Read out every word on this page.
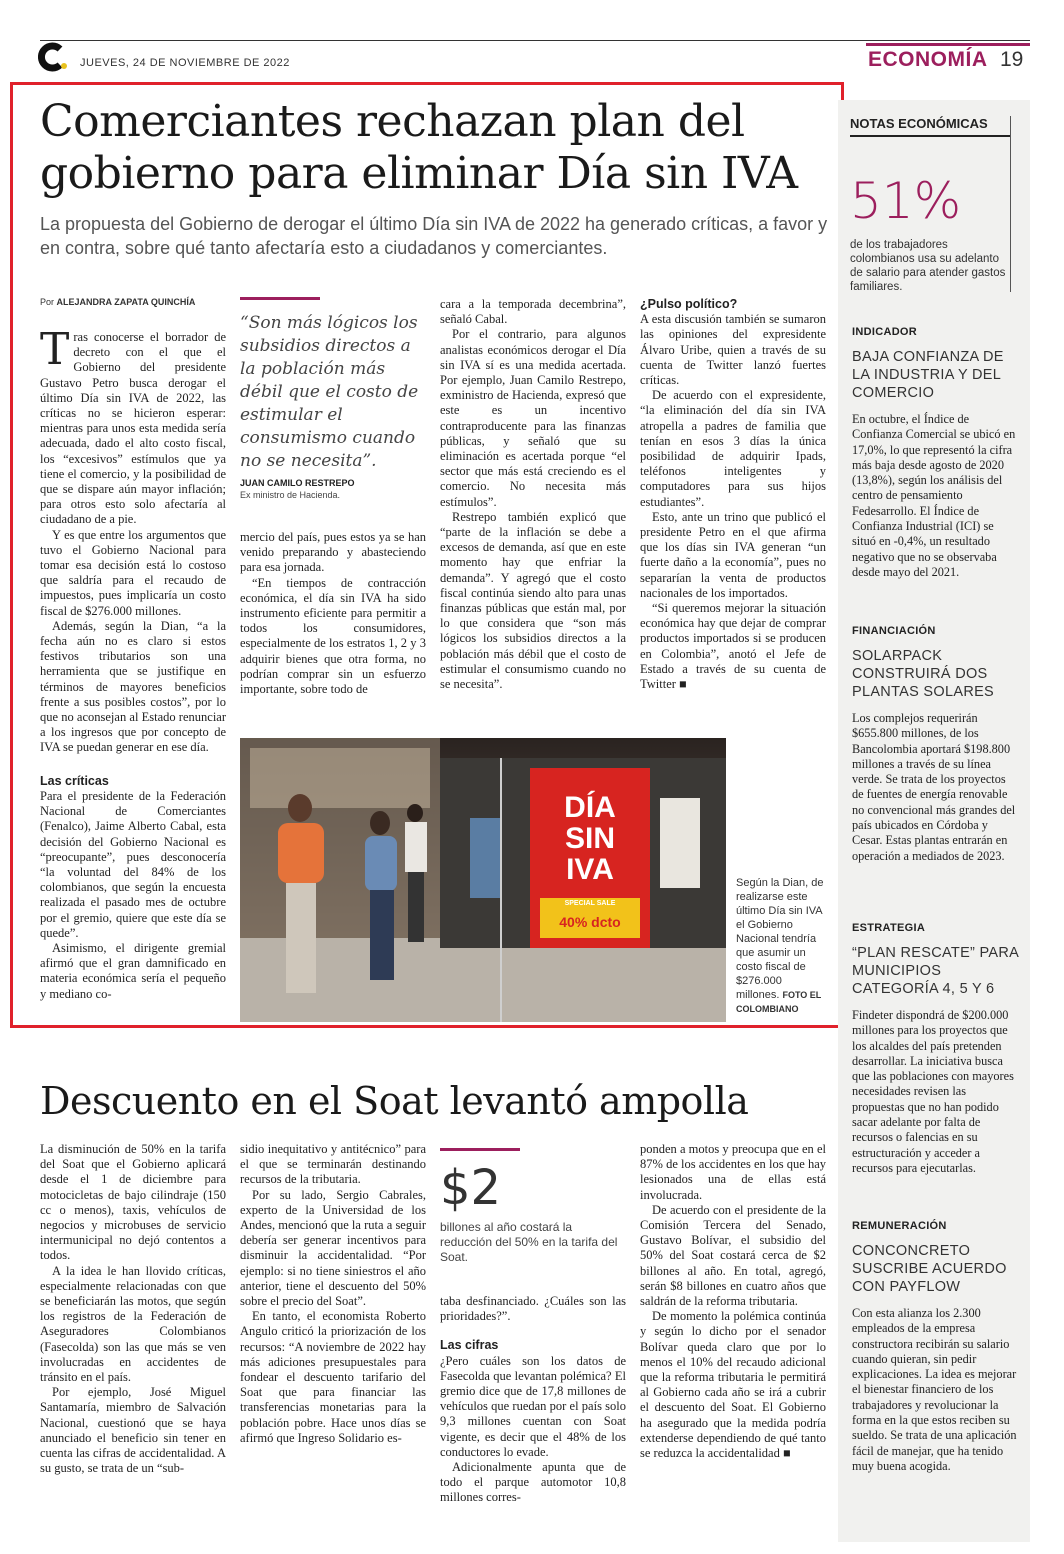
JUEVES, 24 DE NOVIEMBRE DE 2022	ECONOMÍA 19
Comerciantes rechazan plan del gobierno para eliminar Día sin IVA
La propuesta del Gobierno de derogar el último Día sin IVA de 2022 ha generado críticas, a favor y en contra, sobre qué tanto afectaría esto a ciudadanos y comerciantes.
Por ALEJANDRA ZAPATA QUINCHÍA

Tras conocerse el borrador de decreto con el que el Gobierno del presidente Gustavo Petro busca derogar el último Día sin IVA de 2022, las críticas no se hicieron esperar: mientras para unos esta medida sería adecuada, dado el alto costo fiscal, los “excesivos” estímulos que ya tiene el comercio, y la posibilidad de que se dispare aún mayor inflación; para otros esto solo afectaría al ciudadano de a pie.

Y es que entre los argumentos que tuvo el Gobierno Nacional para tomar esa decisión está lo costoso que saldría para el recaudo de impuestos, pues implicaría un costo fiscal de $276.000 millones.

Además, según la Dian, “a la fecha aún no es claro si estos festivos tributarios son una herramienta que se justifique en términos de mayores beneficios frente a sus posibles costos”, por lo que no aconsejan al Estado renunciar a los ingresos que por concepto de IVA se puedan generar en ese día.

Las críticas

Para el presidente de la Federación Nacional de Comerciantes (Fenalco), Jaime Alberto Cabal, esta decisión del Gobierno Nacional es “preocupante”, pues desconocería “la voluntad del 84% de los colombianos, que según la encuesta realizada el pasado mes de octubre por el gremio, quiere que este día se quede”.

Asimismo, el dirigente gremial afirmó que el gran damnificado en materia económica sería el pequeño y mediano co-

“Son más lógicos los subsidios directos a la población más débil que el costo de estimular el consumismo cuando no se necesita”.
JUAN CAMILO RESTREPO
Ex ministro de Hacienda.

mercio del país, pues estos ya se han venido preparando y abasteciendo para esa jornada.

“En tiempos de contracción económica, el día sin IVA ha sido instrumento eficiente para permitir a todos los consumidores, especialmente de los estratos 1, 2 y 3 adquirir bienes que otra forma, no podrían comprar sin un esfuerzo importante, sobre todo de

cara a la temporada decembrina”, señaló Cabal.

Por el contrario, para algunos analistas económicos derogar el Día sin IVA sí es una medida acertada. Por ejemplo, Juan Camilo Restrepo, exministro de Hacienda, expresó que este es un incentivo contraproducente para las finanzas públicas, y señaló que su eliminación es acertada porque “el sector que más está creciendo es el comercio. No necesita más estímulos”.

Restrepo también explicó que “parte de la inflación se debe a excesos de demanda, así que en este momento hay que enfriar la demanda”. Y agregó que el costo fiscal continúa siendo alto para unas finanzas públicas que están mal, por lo que considera que “son más lógicos los subsidios directos a la población más débil que el costo de estimular el consumismo cuando no se necesita”.

¿Pulso político?

A esta discusión también se sumaron las opiniones del expresidente Álvaro Uribe, quien a través de su cuenta de Twitter lanzó fuertes críticas.

De acuerdo con el expresidente, “la eliminación del día sin IVA atropella a padres de familia que tenían en esos 3 días la única posibilidad de adquirir Ipads, teléfonos inteligentes y computadores para sus hijos estudiantes”.

Esto, ante un trino que publicó el presidente Petro en el que afirma que los días sin IVA generan “un fuerte daño a la economía”, pues no separarían la venta de productos nacionales de los importados.

“Si queremos mejorar la situación económica hay que dejar de comprar productos importados si se producen en Colombia”, anotó el Jefe de Estado a través de su cuenta de Twitter ■

DÍA
SIN
IVA
SPECIAL SALE
40% dcto
Según la Dian, de realizarse este último Día sin IVA el Gobierno Nacional tendría que asumir un costo fiscal de $276.000 millones. FOTO EL COLOMBIANO
Descuento en el Soat levantó ampolla

La disminución de 50% en la tarifa del Soat que el Gobierno aplicará desde el 1 de diciembre para motocicletas de bajo cilindraje (150 cc o menos), taxis, vehículos de negocios y microbuses de servicio intermunicipal no dejó contentos a todos.

A la idea le han llovido críticas, especialmente relacionadas con que se beneficiarán las motos, que según los registros de la Federación de Aseguradores Colombianos (Fasecolda) son las que más se ven involucradas en accidentes de tránsito en el país.

Por ejemplo, José Miguel Santamaría, miembro de Salvación Nacional, cuestionó que se haya anunciado el beneficio sin tener en cuenta las cifras de accidentalidad. A su gusto, se trata de un “sub-

sidio inequitativo y antitécnico” para el que se terminarán destinando recursos de la tributaria.

Por su lado, Sergio Cabrales, experto de la Universidad de los Andes, mencionó que la ruta a seguir debería ser generar incentivos para disminuir la accidentalidad. “Por ejemplo: si no tiene siniestros el año anterior, tiene el descuento del 50% sobre el precio del Soat”.

En tanto, el economista Roberto Angulo criticó la priorización de los recursos: “A noviembre de 2022 hay más adiciones presupuestales para fondear el descuento tarifario del Soat que para financiar las transferencias monetarias para la población pobre. Hace unos días se afirmó que Ingreso Solidario es-

$2
billones al año costará la reducción del 50% en la tarifa del Soat.

taba desfinanciado. ¿Cuáles son las prioridades?”.

Las cifras

¿Pero cuáles son los datos de Fasecolda que levantan polémica? El gremio dice que de 17,8 millones de vehículos que ruedan por el país solo 9,3 millones cuentan con Soat vigente, es decir que el 48% de los conductores lo evade.

Adicionalmente apunta que de todo el parque automotor 10,8 millones corres-

ponden a motos y preocupa que en el 87% de los accidentes en los que hay lesionados una de ellas está involucrada.

De acuerdo con el presidente de la Comisión Tercera del Senado, Gustavo Bolívar, el subsidio del 50% del Soat costará cerca de $2 billones al año. En total, agregó, serán $8 billones en cuatro años que saldrán de la reforma tributaria.

De momento la polémica continúa y según lo dicho por el senador Bolívar queda claro que por lo menos el 10% del recaudo adicional que la reforma tributaria le permitirá al Gobierno cada año se irá a cubrir el descuento del Soat. El Gobierno ha asegurado que la medida podría extenderse dependiendo de qué tanto se reduzca la accidentalidad ■

NOTAS ECONÓMICAS
51%
de los trabajadores colombianos usa su adelanto de salario para atender gastos familiares.
INDICADOR
BAJA CONFIANZA DE LA INDUSTRIA Y DEL COMERCIO
En octubre, el Índice de Confianza Comercial se ubicó en 17,0%, lo que representó la cifra más baja desde agosto de 2020 (13,8%), según los análisis del centro de pensamiento Fedesarrollo. El Índice de Confianza Industrial (ICI) se situó en -0,4%, un resultado negativo que no se observaba desde mayo del 2021.
FINANCIACIÓN
SOLARPACK CONSTRUIRÁ DOS PLANTAS SOLARES
Los complejos requerirán $655.800 millones, de los Bancolombia aportará $198.800 millones a través de su línea verde. Se trata de los proyectos de fuentes de energía renovable no convencional más grandes del país ubicados en Córdoba y Cesar. Estas plantas entrarán en operación a mediados de 2023.
ESTRATEGIA
“PLAN RESCATE” PARA MUNICIPIOS CATEGORÍA 4, 5 Y 6
Findeter dispondrá de $200.000 millones para los proyectos que los alcaldes del país pretenden desarrollar. La iniciativa busca que las poblaciones con mayores necesidades revisen las propuestas que no han podido sacar adelante por falta de recursos o falencias en su estructuración y acceder a recursos para ejecutarlas.
REMUNERACIÓN
CONCONCRETO SUSCRIBE ACUERDO CON PAYFLOW
Con esta alianza los 2.300 empleados de la empresa constructora recibirán su salario cuando quieran, sin pedir explicaciones. La idea es mejorar el bienestar financiero de los trabajadores y revolucionar la forma en la que estos reciben su sueldo. Se trata de una aplicación fácil de manejar, que ha tenido muy buena acogida.
